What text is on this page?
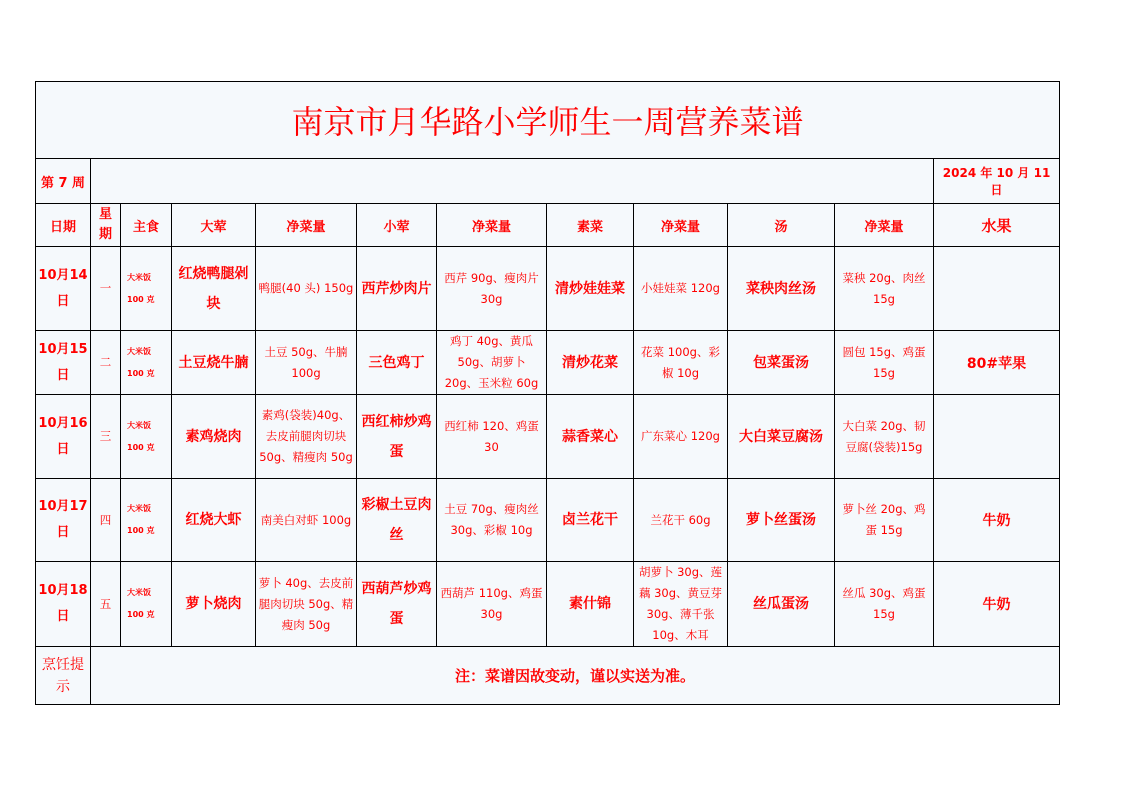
南京市月华路小学师生一周营养菜谱											
第 7 周											2024 年 10 月 11 日
日期	星期	主食	大荤	净菜量	小荤	净菜量	素菜	净菜量	汤	净菜量	水果
10月14日	一	大米饭 100 克	红烧鸭腿剁块	鸭腿(40 头) 150g	西芹炒肉片	西芹 90g、瘦肉片 30g	清炒娃娃菜	小娃娃菜 120g	菜秧肉丝汤	菜秧 20g、肉丝 15g	
10月15日	二	大米饭 100 克	土豆烧牛腩	土豆 50g、牛腩 100g	三色鸡丁	鸡丁 40g、黄瓜 50g、胡萝卜 20g、玉米粒 60g	清炒花菜	花菜 100g、彩椒 10g	包菜蛋汤	圆包 15g、鸡蛋 15g	80#苹果
10月16日	三	大米饭 100 克	素鸡烧肉	素鸡(袋装)40g、去皮前腿肉切块 50g、精瘦肉 50g	西红柿炒鸡蛋	西红柿 120、鸡蛋 30	蒜香菜心	广东菜心 120g	大白菜豆腐汤	大白菜 20g、韧豆腐(袋装)15g	
10月17日	四	大米饭 100 克	红烧大虾	南美白对虾 100g	彩椒土豆肉丝	土豆 70g、瘦肉丝 30g、彩椒 10g	卤兰花干	兰花干 60g	萝卜丝蛋汤	萝卜丝 20g、鸡蛋 15g	牛奶
10月18日	五	大米饭 100 克	萝卜烧肉	萝卜 40g、去皮前腿肉切块 50g、精瘦肉 50g	西葫芦炒鸡蛋	西葫芦 110g、鸡蛋 30g	素什锦	胡萝卜 30g、莲藕 30g、黄豆芽 30g、薄千张 10g、木耳	丝瓜蛋汤	丝瓜 30g、鸡蛋 15g	牛奶
烹饪提示	注：菜谱因故变动，谨以实送为准。										
